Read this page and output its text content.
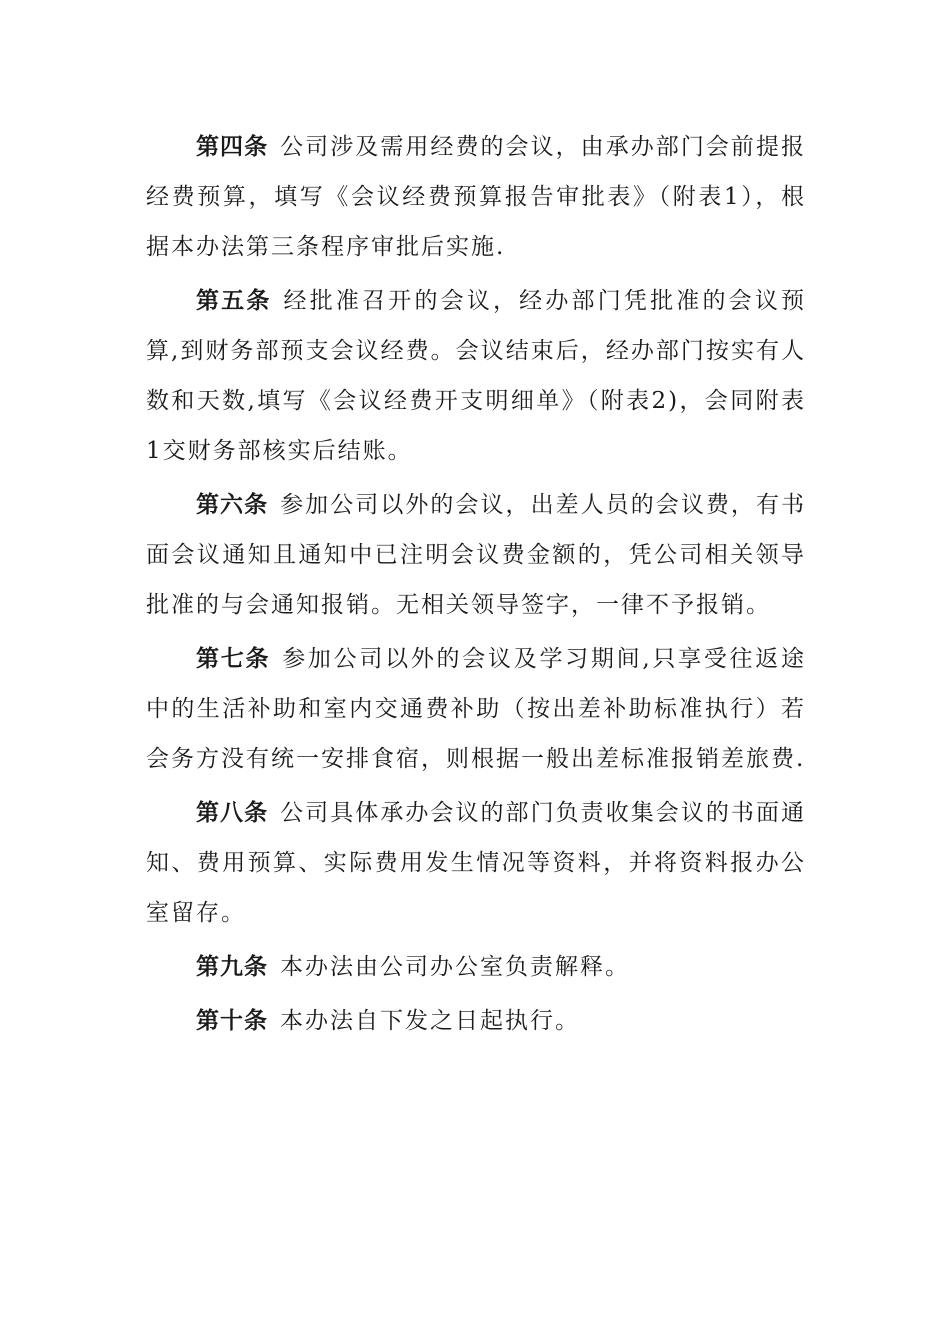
第四条 公司涉及需用经费的会议，由承办部门会前提报经费预算，填写《会议经费预算报告审批表》（附表1），根据本办法第三条程序审批后实施.

第五条 经批准召开的会议，经办部门凭批准的会议预算,到财务部预支会议经费。会议结束后，经办部门按实有人数和天数,填写《会议经费开支明细单》（附表2)，会同附表1交财务部核实后结账。

第六条 参加公司以外的会议，出差人员的会议费，有书面会议通知且通知中已注明会议费金额的，凭公司相关领导批准的与会通知报销。无相关领导签字，一律不予报销。

第七条 参加公司以外的会议及学习期间,只享受往返途中的生活补助和室内交通费补助（按出差补助标准执行）若会务方没有统一安排食宿，则根据一般出差标准报销差旅费.

第八条 公司具体承办会议的部门负责收集会议的书面通知、费用预算、实际费用发生情况等资料，并将资料报办公室留存。

第九条 本办法由公司办公室负责解释。

第十条 本办法自下发之日起执行。
